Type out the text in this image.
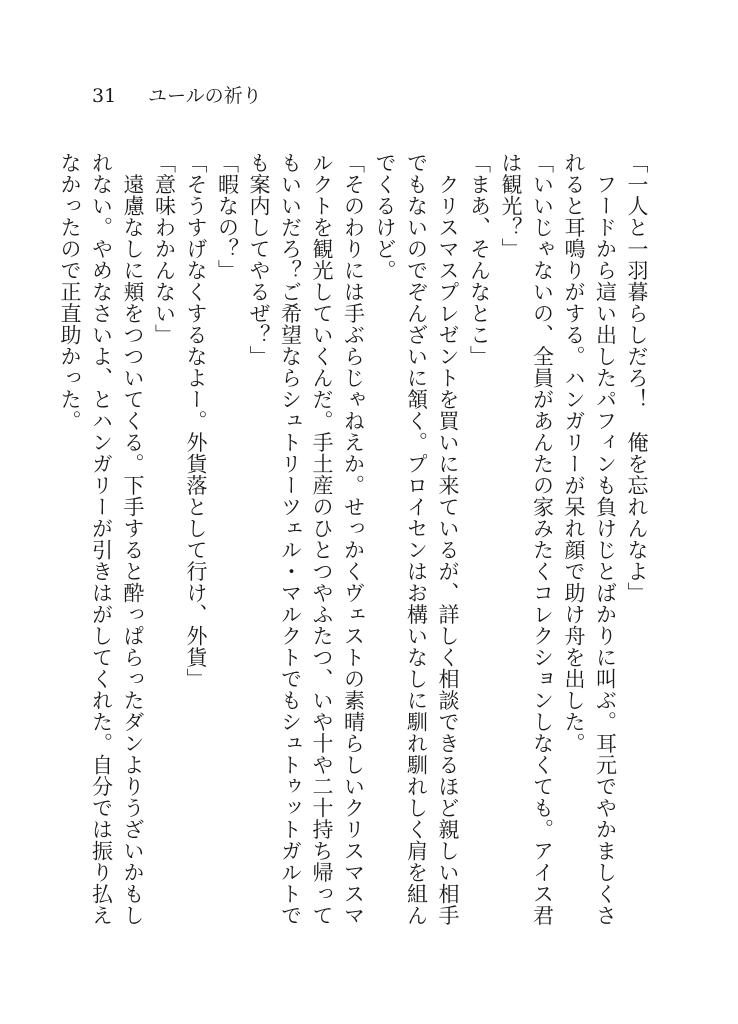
31 ユールの祈り

「一人と一羽暮らしだろ！　俺を忘れんなよ」

　フードから這い出したパフィンも負けじとばかりに叫ぶ。耳元でやかましくされると耳鳴りがする。ハンガリーが呆れ顔で助け舟を出した。

「いいじゃないの、全員があんたの家みたくコレクションしなくても。アイス君は観光？」

「まあ、そんなとこ」

　クリスマスプレゼントを買いに来ているが、詳しく相談できるほど親しい相手でもないのでぞんざいに頷く。プロイセンはお構いなしに馴れ馴れしく肩を組んでくるけど。

「そのわりには手ぶらじゃねえか。せっかくヴェストの素晴らしいクリスマスマルクトを観光していくんだ。手土産のひとつやふたつ、いや十や二十持ち帰ってもいいだろ？ご希望ならシュトリーツェル・マルクトでもシュトゥットガルトでも案内してやるぜ？」

「暇なの？」

「そうすげなくするなよー。外貨落として行け、外貨」

「意味わかんない」

　遠慮なしに頬をつついてくる。下手すると酔っぱらったダンよりうざいかもしれない。やめなさいよ、とハンガリーが引きはがしてくれた。自分では振り払えなかったので正直助かった。
